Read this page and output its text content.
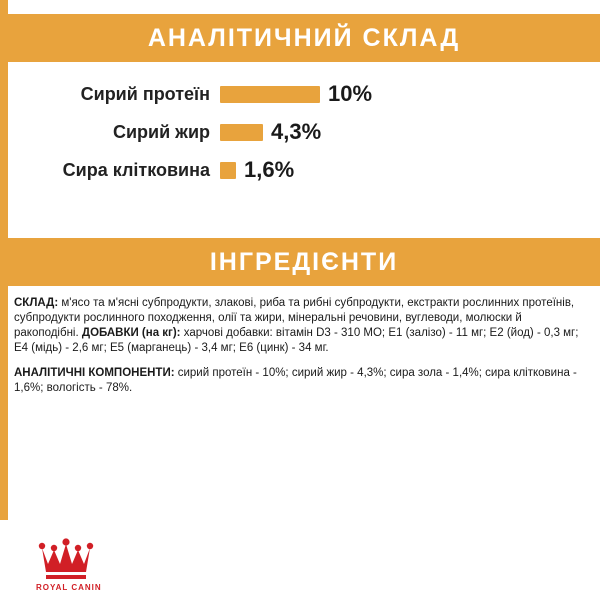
АНАЛІТИЧНИЙ СКЛАД
Сирий протеїн	10%
Сирий жир	4,3%
Сира клітковина	1,6%
ІНГРЕДІЄНТИ

СКЛАД: м'ясо та м'ясні субпродукти, злакові, риба та рибні субпродукти, екстракти рослинних протеїнів, субпродукти рослинного походження, олії та жири, мінеральні речовини, вуглеводи, молюски й ракоподібні. ДОБАВКИ (на кг): харчові добавки: вітамін D3 - 310 МО; E1 (залізо) - 11 мг; E2 (йод) - 0,3 мг; E4 (мідь) - 2,6 мг; E5 (марганець) - 3,4 мг; E6 (цинк) - 34 мг.

АНАЛІТИЧНІ КОМПОНЕНТИ: сирий протеїн - 10%; сирий жир - 4,3%; сира зола - 1,4%; сира клітковина - 1,6%; вологість - 78%.

ROYAL CANIN
